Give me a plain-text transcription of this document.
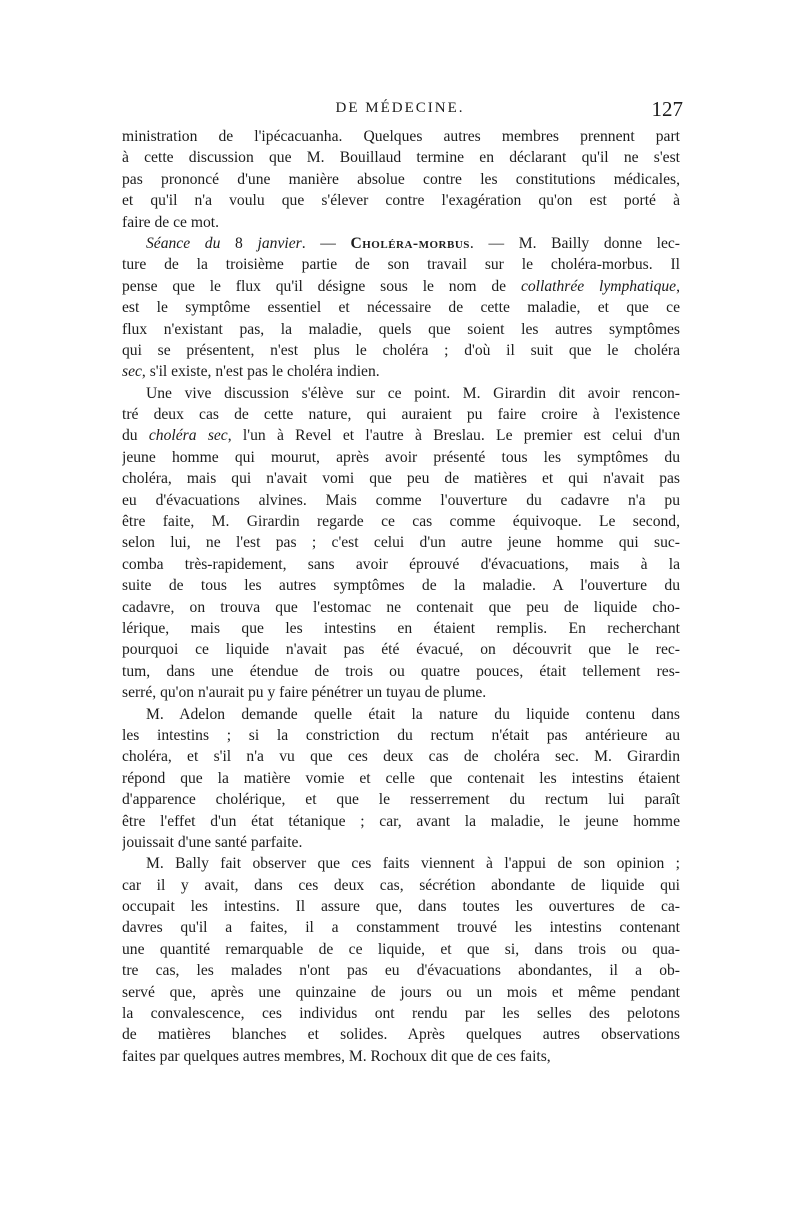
DE MÉDECINE.	127
ministration de l'ipécacuanha. Quelques autres membres prennent part
à cette discussion que M. Bouillaud termine en déclarant qu'il ne s'est
pas prononcé d'une manière absolue contre les constitutions médicales,
et qu'il n'a voulu que s'élever contre l'exagération qu'on est porté à
faire de ce mot.
Séance du 8 janvier. — Choléra-morbus. — M. Bailly donne lec-
ture de la troisième partie de son travail sur le choléra-morbus. Il
pense que le flux qu'il désigne sous le nom de collathrée lymphatique,
est le symptôme essentiel et nécessaire de cette maladie, et que ce
flux n'existant pas, la maladie, quels que soient les autres symptômes
qui se présentent, n'est plus le choléra ; d'où il suit que le choléra
sec, s'il existe, n'est pas le choléra indien.
Une vive discussion s'élève sur ce point. M. Girardin dit avoir rencon-
tré deux cas de cette nature, qui auraient pu faire croire à l'existence
du choléra sec, l'un à Revel et l'autre à Breslau. Le premier est celui d'un
jeune homme qui mourut, après avoir présenté tous les symptômes du
choléra, mais qui n'avait vomi que peu de matières et qui n'avait pas
eu d'évacuations alvines. Mais comme l'ouverture du cadavre n'a pu
être faite, M. Girardin regarde ce cas comme équivoque. Le second,
selon lui, ne l'est pas ; c'est celui d'un autre jeune homme qui suc-
comba très-rapidement, sans avoir éprouvé d'évacuations, mais à la
suite de tous les autres symptômes de la maladie. A l'ouverture du
cadavre, on trouva que l'estomac ne contenait que peu de liquide cho-
lérique, mais que les intestins en étaient remplis. En recherchant
pourquoi ce liquide n'avait pas été évacué, on découvrit que le rec-
tum, dans une étendue de trois ou quatre pouces, était tellement res-
serré, qu'on n'aurait pu y faire pénétrer un tuyau de plume.
M. Adelon demande quelle était la nature du liquide contenu dans
les intestins ; si la constriction du rectum n'était pas antérieure au
choléra, et s'il n'a vu que ces deux cas de choléra sec. M. Girardin
répond que la matière vomie et celle que contenait les intestins étaient
d'apparence cholérique, et que le resserrement du rectum lui paraît
être l'effet d'un état tétanique ; car, avant la maladie, le jeune homme
jouissait d'une santé parfaite.
M. Bally fait observer que ces faits viennent à l'appui de son opinion ;
car il y avait, dans ces deux cas, sécrétion abondante de liquide qui
occupait les intestins. Il assure que, dans toutes les ouvertures de ca-
davres qu'il a faites, il a constamment trouvé les intestins contenant
une quantité remarquable de ce liquide, et que si, dans trois ou qua-
tre cas, les malades n'ont pas eu d'évacuations abondantes, il a ob-
servé que, après une quinzaine de jours ou un mois et même pendant
la convalescence, ces individus ont rendu par les selles des pelotons
de matières blanches et solides. Après quelques autres observations
faites par quelques autres membres, M. Rochoux dit que de ces faits,
